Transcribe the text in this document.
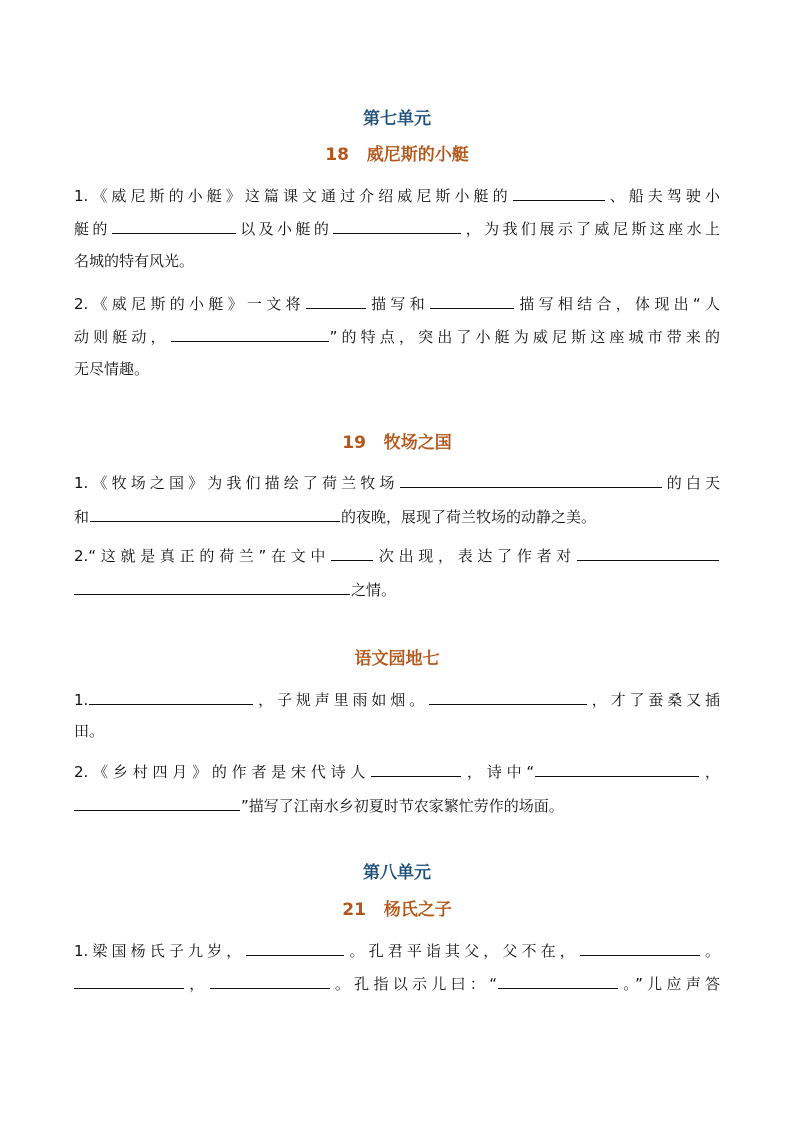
第七单元
18 威尼斯的小艇

1.《威尼斯的小艇》这篇课文通过介绍威尼斯小艇的	、船夫驾驶小

艇的	以及小艇的	，为我们展示了威尼斯这座水上

名城的特有风光。

2.《威尼斯的小艇》一文将	描写和	描写相结合，体现出“人

动则艇动，	”的特点，突出了小艇为威尼斯这座城市带来的

无尽情趣。

19 牧场之国

1.《牧场之国》为我们描绘了荷兰牧场	的白天

和	的夜晚，展现了荷兰牧场的动静之美。

2.“这就是真正的荷兰”在文中	次出现，表达了作者对

之情。

语文园地七

1.	，子规声里雨如烟。	，才了蚕桑又插

田。

2.《乡村四月》的作者是宋代诗人	，诗中“	，

”描写了江南水乡初夏时节农家繁忙劳作的场面。

第八单元
21 杨氏之子

1.梁国杨氏子九岁，	。孔君平诣其父，父不在，	。

，	。孔指以示儿曰：“	。”儿应声答
